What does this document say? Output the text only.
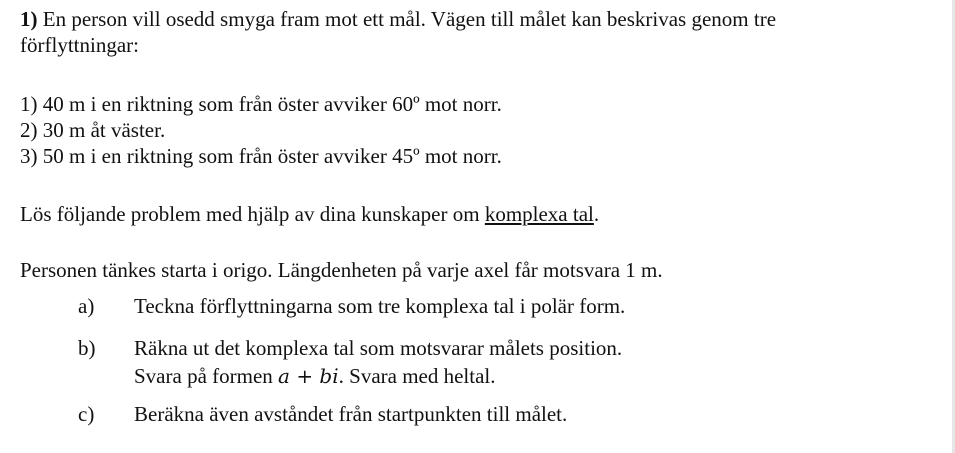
1) En person vill osedd smyga fram mot ett mål. Vägen till målet kan beskrivas genom tre
förflyttningar:
1) 40 m i en riktning som från öster avviker 60º mot norr.
2) 30 m åt väster.
3) 50 m i en riktning som från öster avviker 45º mot norr.
Lös följande problem med hjälp av dina kunskaper om komplexa tal.
Personen tänkes starta i origo. Längdenheten på varje axel får motsvara 1 m.
a)	Teckna förflyttningarna som tre komplexa tal i polär form.
b)	Räkna ut det komplexa tal som motsvarar målets position.
Svara på formen a + bi. Svara med heltal.
c)	Beräkna även avståndet från startpunkten till målet.
